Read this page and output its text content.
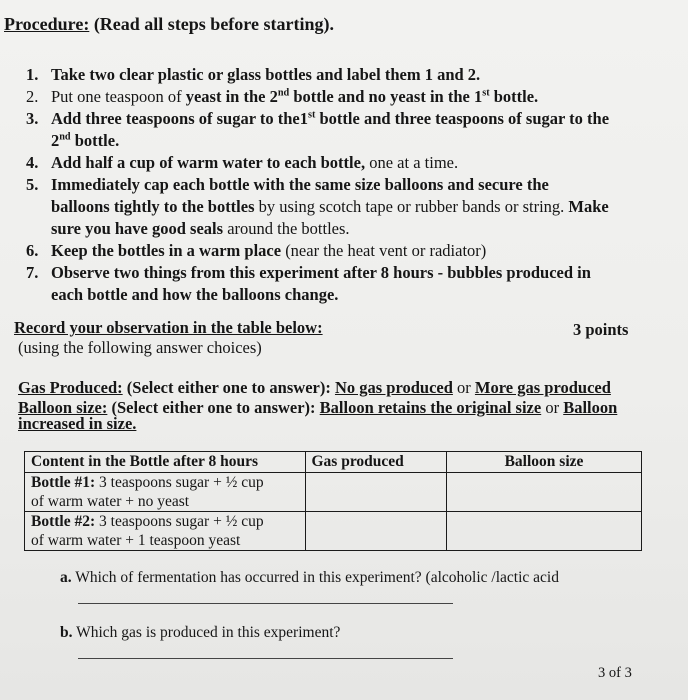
Procedure: (Read all steps before starting).
1. Take two clear plastic or glass bottles and label them 1 and 2.
2. Put one teaspoon of yeast in the 2nd bottle and no yeast in the 1st bottle.
3. Add three teaspoons of sugar to the1st bottle and three teaspoons of sugar to the
2nd bottle.
4. Add half a cup of warm water to each bottle, one at a time.
5. Immediately cap each bottle with the same size balloons and secure the
balloons tightly to the bottles by using scotch tape or rubber bands or string. Make
sure you have good seals around the bottles.
6. Keep the bottles in a warm place (near the heat vent or radiator)
7. Observe two things from this experiment after 8 hours - bubbles produced in
each bottle and how the balloons change.
Record your observation in the table below:
(using the following answer choices)
3 points
Gas Produced: (Select either one to answer): No gas produced or More gas produced
Balloon size: (Select either one to answer): Balloon retains the original size or Balloon
increased in size.
Content in the Bottle after 8 hours	Gas produced	Balloon size
Bottle #1: 3 teaspoons sugar + ½ cup
of warm water + no yeast		
Bottle #2: 3 teaspoons sugar + ½ cup
of warm water + 1 teaspoon yeast		
a. Which of fermentation has occurred in this experiment? (alcoholic /lactic acid
b. Which gas is produced in this experiment?
3 of 3
